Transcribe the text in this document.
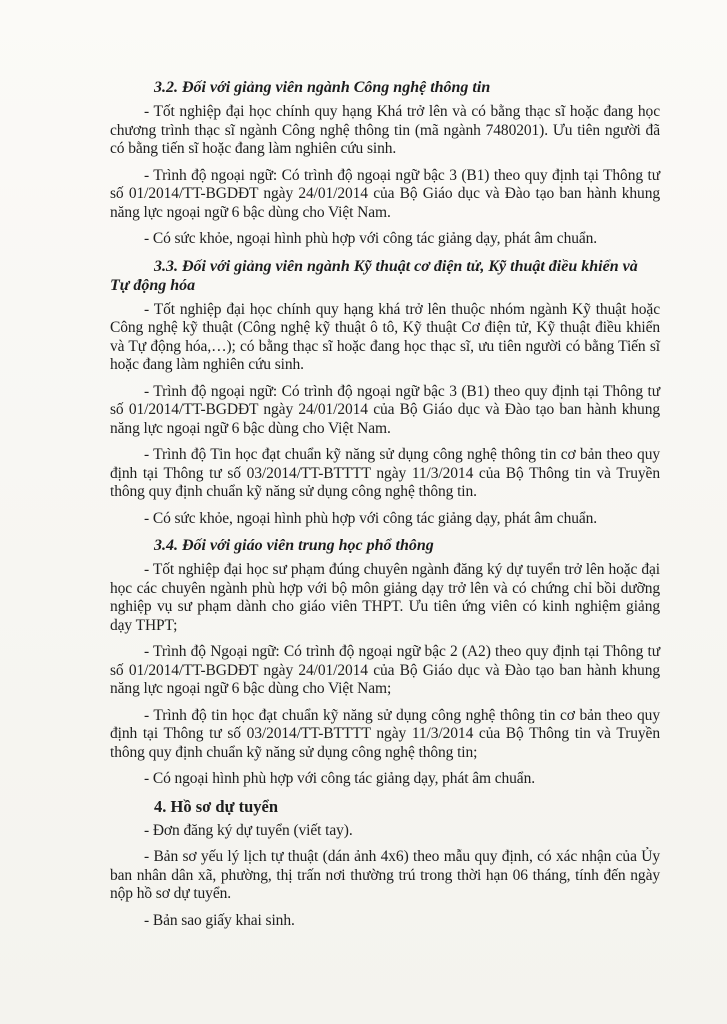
3.2. Đối với giảng viên ngành Công nghệ thông tin

- Tốt nghiệp đại học chính quy hạng Khá trở lên và có bằng thạc sĩ hoặc đang học chương trình thạc sĩ ngành Công nghệ thông tin (mã ngành 7480201). Ưu tiên người đã có bằng tiến sĩ hoặc đang làm nghiên cứu sinh.

- Trình độ ngoại ngữ: Có trình độ ngoại ngữ bậc 3 (B1) theo quy định tại Thông tư số 01/2014/TT-BGDĐT ngày 24/01/2014 của Bộ Giáo dục và Đào tạo ban hành khung năng lực ngoại ngữ 6 bậc dùng cho Việt Nam.

- Có sức khỏe, ngoại hình phù hợp với công tác giảng dạy, phát âm chuẩn.

3.3. Đối với giảng viên ngành Kỹ thuật cơ điện tử, Kỹ thuật điều khiển và Tự động hóa

- Tốt nghiệp đại học chính quy hạng khá trở lên thuộc nhóm ngành Kỹ thuật hoặc Công nghệ kỹ thuật (Công nghệ kỹ thuật ô tô, Kỹ thuật Cơ điện tử, Kỹ thuật điều khiển và Tự động hóa,…); có bằng thạc sĩ hoặc đang học thạc sĩ, ưu tiên người có bằng Tiến sĩ hoặc đang làm nghiên cứu sinh.

- Trình độ ngoại ngữ: Có trình độ ngoại ngữ bậc 3 (B1) theo quy định tại Thông tư số 01/2014/TT-BGDĐT ngày 24/01/2014 của Bộ Giáo dục và Đào tạo ban hành khung năng lực ngoại ngữ 6 bậc dùng cho Việt Nam.

- Trình độ Tin học đạt chuẩn kỹ năng sử dụng công nghệ thông tin cơ bản theo quy định tại Thông tư số 03/2014/TT-BTTTT ngày 11/3/2014 của Bộ Thông tin và Truyền thông quy định chuẩn kỹ năng sử dụng công nghệ thông tin.

- Có sức khỏe, ngoại hình phù hợp với công tác giảng dạy, phát âm chuẩn.

3.4. Đối với giáo viên trung học phổ thông

- Tốt nghiệp đại học sư phạm đúng chuyên ngành đăng ký dự tuyển trở lên hoặc đại học các chuyên ngành phù hợp với bộ môn giảng dạy trở lên và có chứng chỉ bồi dưỡng nghiệp vụ sư phạm dành cho giáo viên THPT. Ưu tiên ứng viên có kinh nghiệm giảng dạy THPT;

- Trình độ Ngoại ngữ: Có trình độ ngoại ngữ bậc 2 (A2) theo quy định tại Thông tư số 01/2014/TT-BGDĐT ngày 24/01/2014 của Bộ Giáo dục và Đào tạo ban hành khung năng lực ngoại ngữ 6 bậc dùng cho Việt Nam;

- Trình độ tin học đạt chuẩn kỹ năng sử dụng công nghệ thông tin cơ bản theo quy định tại Thông tư số 03/2014/TT-BTTTT ngày 11/3/2014 của Bộ Thông tin và Truyền thông quy định chuẩn kỹ năng sử dụng công nghệ thông tin;

- Có ngoại hình phù hợp với công tác giảng dạy, phát âm chuẩn.

4. Hồ sơ dự tuyển

- Đơn đăng ký dự tuyển (viết tay).

- Bản sơ yếu lý lịch tự thuật (dán ảnh 4x6) theo mẫu quy định, có xác nhận của Ủy ban nhân dân xã, phường, thị trấn nơi thường trú trong thời hạn 06 tháng, tính đến ngày nộp hồ sơ dự tuyển.

- Bản sao giấy khai sinh.
